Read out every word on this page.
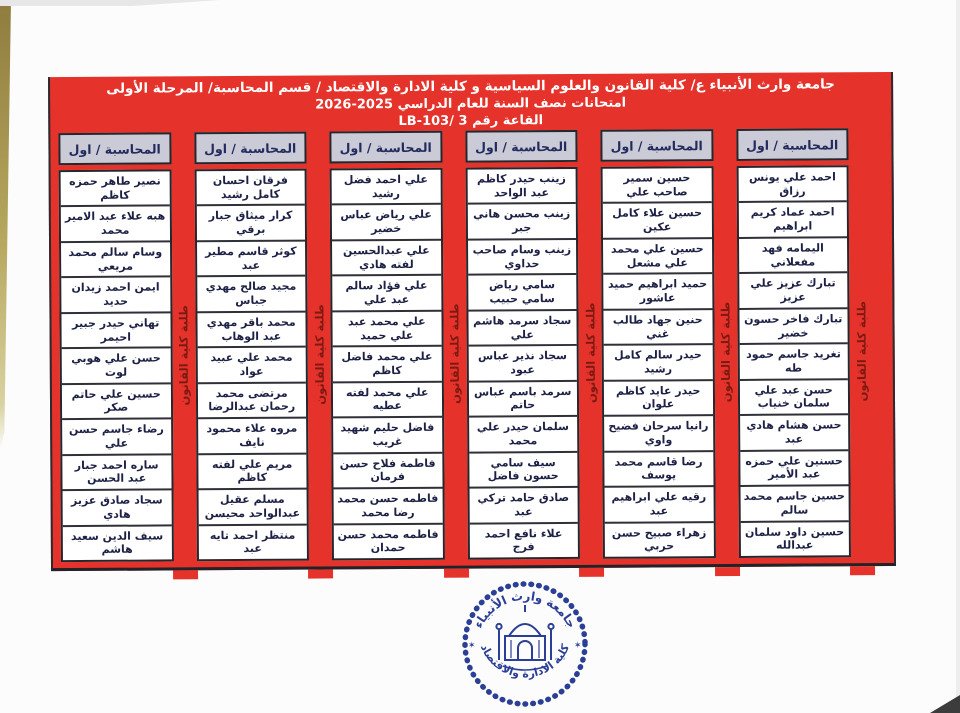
جامعة وارث الأنبياء ع/ كلية القانون والعلوم السياسية و كلية الادارة والاقتصاد / قسم المحاسبة/ المرحلة الأولى
امتحانات نصف السنة للعام الدراسي 2025‏-2026
القاعة رقم 3 /LB-103
طلبة كلية القانون
المحاسبة / اول
احمد علي يونس رزاق
احمد عماد كريم ابراهيم
اليمامه فهد مفعلاني
تبارك عزيز علي عزيز
تبارك فاخر حسون خضير
تغريد جاسم حمود طه
حسن عبد علي سلمان خنياب
حسن هشام هادي عبد
حسنين علي حمزه عبد الأمير
حسين جاسم محمد سالم
حسين داود سلمان عبدالله
طلبة كلية القانون
المحاسبة / اول
حسين سمير صاحب علي
حسين علاء كامل عكين
حسين علي محمد علي مشعل
حميد ابراهيم حميد عاشور
حنين جهاد طالب غني
حيدر سالم كامل رشيد
حيدر عايد كاظم علوان
رانيا سرحان فضيح واوي
رضا قاسم محمد يوسف
رقيه علي ابراهيم عبد
زهراء صبيح حسن حربي
طلبة كلية القانون
المحاسبة / اول
زينب حيدر كاظم عبد الواحد
زينب محسن هاني جبر
زينب وسام صاحب حداوي
سامي رياض سامي حبيب
سجاد سرمد هاشم علي
سجاد نذير عباس عبود
سرمد باسم عباس حاتم
سلمان حيدر علي محمد
سيف سامي حسون فاضل
صادق حامد تركي عبد
علاء نافع احمد فرج
طلبة كلية القانون
المحاسبة / اول
علي احمد فضل رشيد
علي رياض عباس خضير
علي عبدالحسين لفته هادي
علي فؤاد سالم عبد علي
علي محمد عبد علي حميد
علي محمد فاضل كاظم
علي محمد لفته عطيه
فاضل حليم شهيد غريب
فاطمة فلاح حسن فرمان
فاطمه حسن محمد رضا محمد
فاطمه محمد حسن حمدان
طلبة كلية القانون
المحاسبة / اول
فرقان احسان كامل رشيد
كرار ميثاق جبار برقي
كوثر قاسم مطير عبد
مجيد صالح مهدي جباس
محمد باقر مهدي عبد الوهاب
محمد علي عبيد عواد
مرتضى محمد رحمان عبدالرضا
مروه علاء محمود نايف
مريم علي لفته كاظم
مسلم عقيل عبدالواحد محيسن
منتظر احمد تايه عبد
طلبة كلية القانون
المحاسبة / اول
نصير طاهر حمزه كاظم
هبه علاء عبد الامير محمد
وسام سالم محمد مريعي
ايمن احمد زيدان حديد
تهاني حيدر جبير احيمر
حسن علي هوبي لوت
حسين علي حاتم صكر
رضاء جاسم حسن علي
ساره احمد جبار عبد الحسن
سجاد صادق عزيز هادي
سيف الدين سعيد هاشم
جامعة وارث الأنبياء
كلية الادارة والاقتصاد
✶	✶
